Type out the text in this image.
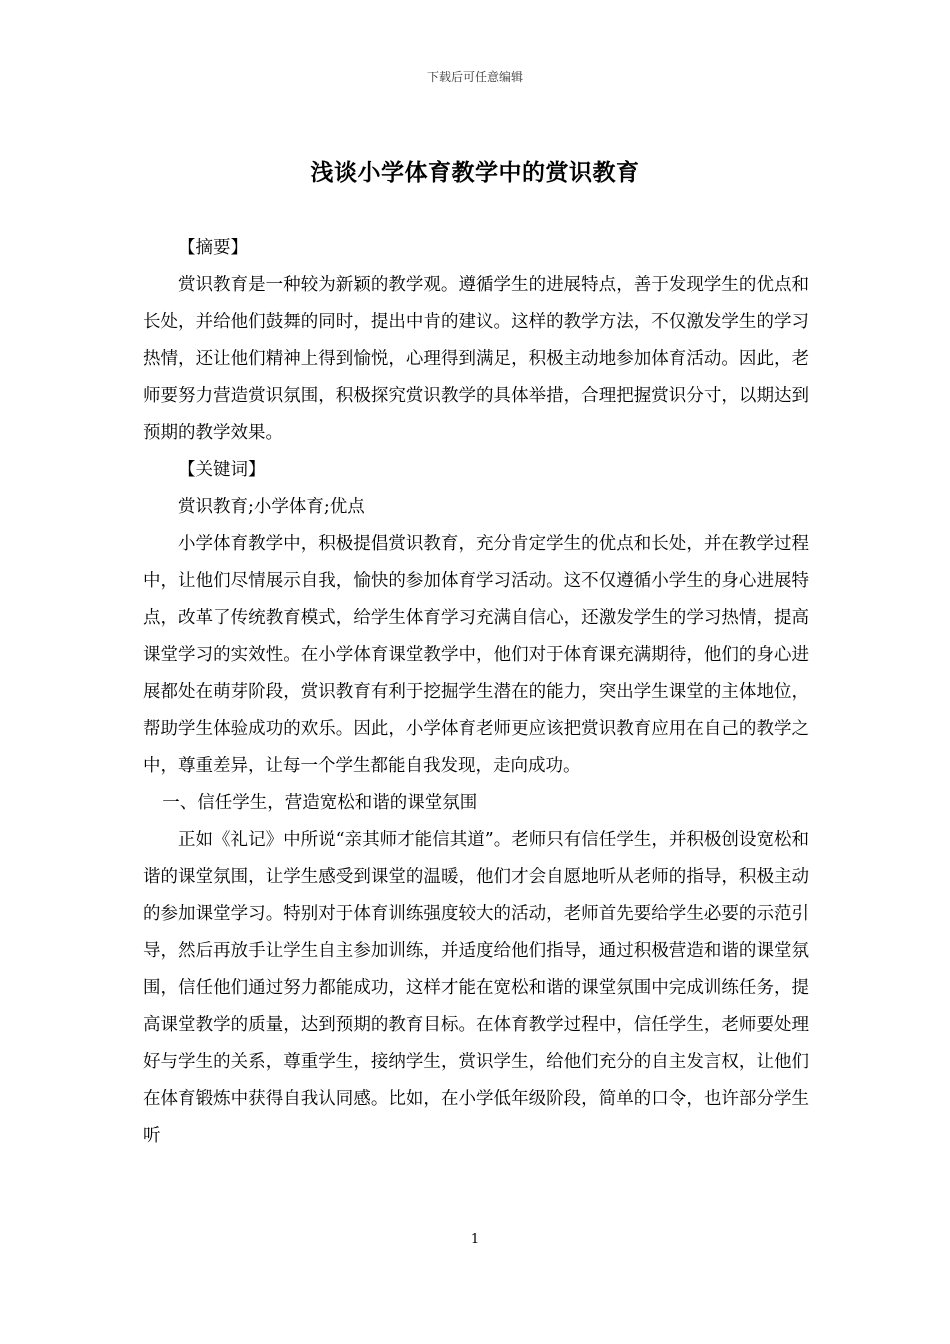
下载后可任意编辑
浅谈小学体育教学中的赏识教育

【摘要】

赏识教育是一种较为新颖的教学观。遵循学生的进展特点，善于发现学生的优点和长处，并给他们鼓舞的同时，提出中肯的建议。这样的教学方法，不仅激发学生的学习热情，还让他们精神上得到愉悦，心理得到满足，积极主动地参加体育活动。因此，老师要努力营造赏识氛围，积极探究赏识教学的具体举措，合理把握赏识分寸，以期达到预期的教学效果。

【关键词】

赏识教育;小学体育;优点

小学体育教学中，积极提倡赏识教育，充分肯定学生的优点和长处，并在教学过程中，让他们尽情展示自我，愉快的参加体育学习活动。这不仅遵循小学生的身心进展特点，改革了传统教育模式，给学生体育学习充满自信心，还激发学生的学习热情，提高课堂学习的实效性。在小学体育课堂教学中，他们对于体育课充满期待，他们的身心进展都处在萌芽阶段，赏识教育有利于挖掘学生潜在的能力，突出学生课堂的主体地位，帮助学生体验成功的欢乐。因此，小学体育老师更应该把赏识教育应用在自己的教学之中，尊重差异，让每一个学生都能自我发现，走向成功。

一、信任学生，营造宽松和谐的课堂氛围

正如《礼记》中所说“亲其师才能信其道”。老师只有信任学生，并积极创设宽松和谐的课堂氛围，让学生感受到课堂的温暖，他们才会自愿地听从老师的指导，积极主动的参加课堂学习。特别对于体育训练强度较大的活动，老师首先要给学生必要的示范引导，然后再放手让学生自主参加训练，并适度给他们指导，通过积极营造和谐的课堂氛围，信任他们通过努力都能成功，这样才能在宽松和谐的课堂氛围中完成训练任务，提高课堂教学的质量，达到预期的教育目标。在体育教学过程中，信任学生，老师要处理好与学生的关系，尊重学生，接纳学生，赏识学生，给他们充分的自主发言权，让他们在体育锻炼中获得自我认同感。比如，在小学低年级阶段，简单的口令，也许部分学生听

1
